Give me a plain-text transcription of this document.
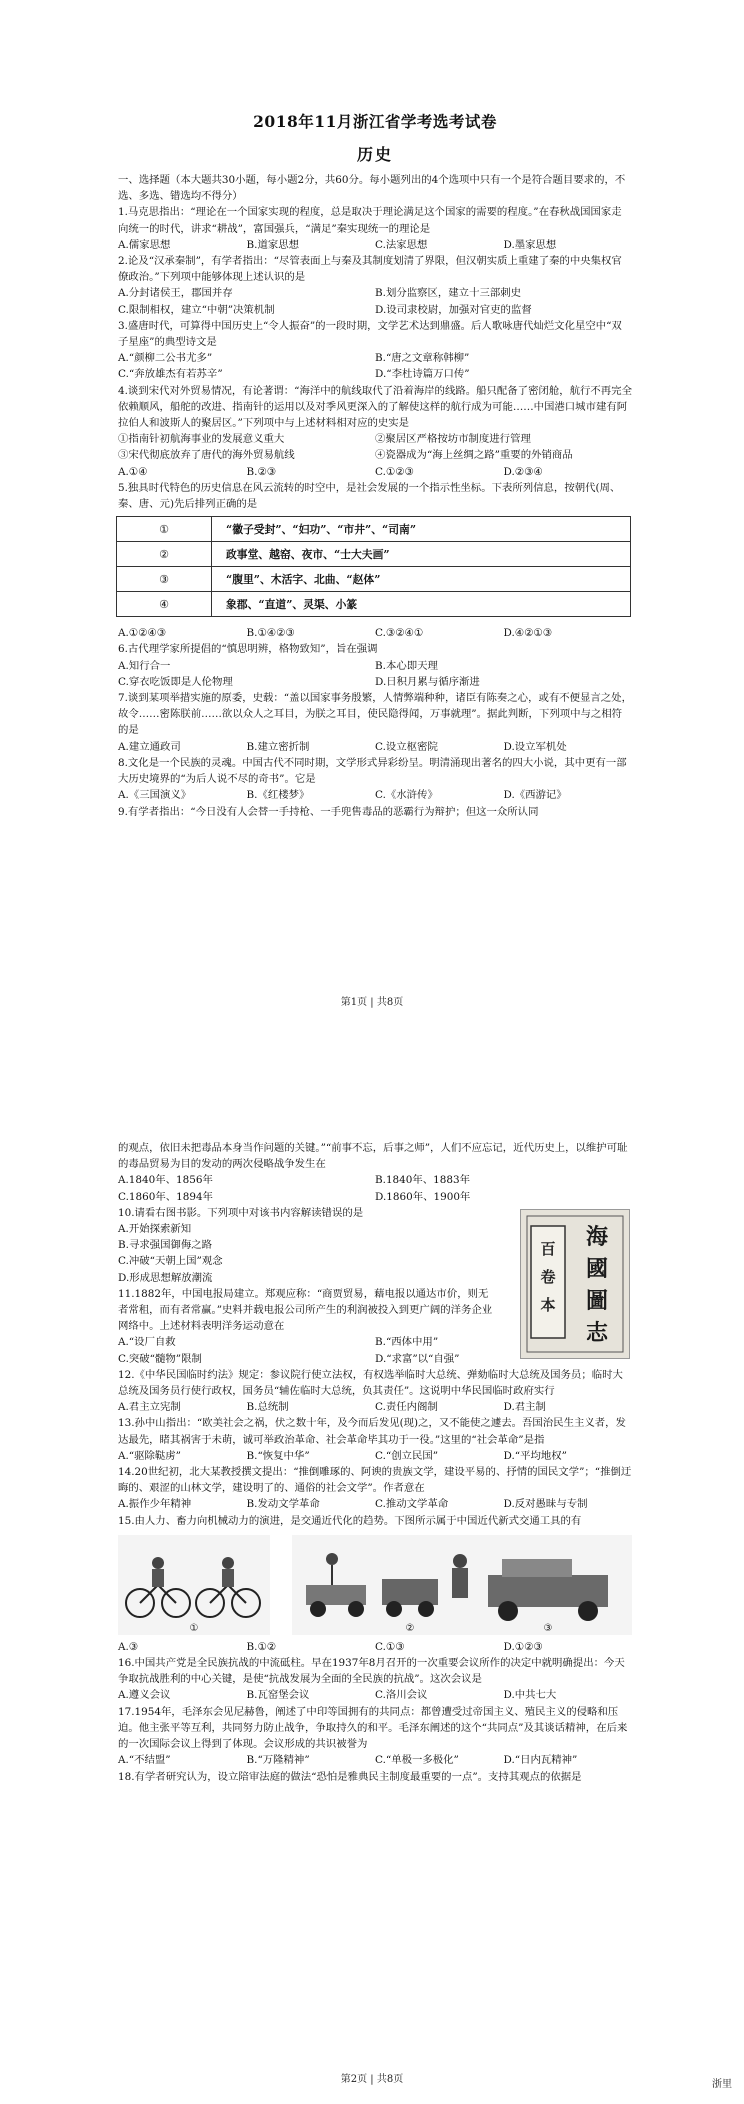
2018年11月浙江省学考选考试卷
历史

一、选择题（本大题共30小题，每小题2分，共60分。每小题列出的4个选项中只有一个是符合题目要求的，不选、多选、错选均不得分）

1.马克思指出：“理论在一个国家实现的程度，总是取决于理论满足这个国家的需要的程度。”在春秋战国国家走向统一的时代，讲求“耕战”，富国强兵，“满足”秦实现统一的理论是

A.儒家思想	B.道家思想	C.法家思想	D.墨家思想

2.论及“汉承秦制”，有学者指出：“尽管表面上与秦及其制度划清了界限，但汉朝实质上重建了秦的中央集权官僚政治。”下列项中能够体现上述认识的是

A.分封诸侯王，郡国并存	B.划分监察区，建立十三部刺史
C.限制相权，建立“中朝”决策机制	D.设司隶校尉，加强对官吏的监督

3.盛唐时代，可算得中国历史上“令人振奋”的一段时期，文学艺术达到鼎盛。后人歌咏唐代灿烂文化星空中“双子星座”的典型诗文是

A.“颜柳二公书尤多”	B.“唐之文章称韩柳”
C.“奔放雄杰有若苏辛”	D.“李杜诗篇万口传”

4.谈到宋代对外贸易情况，有论著谓：“海洋中的航线取代了沿着海岸的线路。船只配备了密闭舱，航行不再完全依赖顺风，船舵的改进、指南针的运用以及对季风更深入的了解使这样的航行成为可能……中国港口城市建有阿拉伯人和波斯人的聚居区。”下列项中与上述材料相对应的史实是

①指南针初航海事业的发展意义重大	②聚居区严格按坊市制度进行管理
③宋代彻底放弃了唐代的海外贸易航线	④瓷器成为“海上丝绸之路”重要的外销商品
A.①④	B.②③	C.①②③	D.②③④

5.独具时代特色的历史信息在风云流转的时空中，是社会发展的一个指示性坐标。下表所列信息，按朝代(周、秦、唐、元)先后排列正确的是

①	“徽子受封”、“妇功”、“市井”、“司南”
②	政事堂、越窑、夜市、“士大夫画”
③	“腹里”、木活字、北曲、“赵体”
④	象郡、“直道”、灵渠、小篆
A.①②④③	B.①④②③	C.③②④①	D.④②①③

6.古代理学家所提倡的“慎思明辨，格物致知”，旨在强调

A.知行合一	B.本心即天理
C.穿衣吃饭即是人伦物理	D.日积月累与循序渐进

7.谈到某项举措实施的原委，史载：“盖以国家事务殷繁，人情弊端种种，诸臣有陈奏之心，或有不便显言之处，故令……密陈朕前……欲以众人之耳目，为朕之耳目，使民隐得闻，万事就理”。据此判断，下列项中与之相符的是

A.建立通政司	B.建立密折制	C.设立枢密院	D.设立军机处

8.文化是一个民族的灵魂。中国古代不同时期，文学形式异彩纷呈。明清涌现出著名的四大小说，其中更有一部大历史境界的“为后人说不尽的奇书”。它是

A.《三国演义》	B.《红楼梦》	C.《水浒传》	D.《西游记》

9.有学者指出：“今日没有人会替一手持枪、一手兜售毒品的恶霸行为辩护；但这一众所认同

第1页 | 共8页

的观点，依旧未把毒品本身当作问题的关键。”“前事不忘，后事之师”，人们不应忘记，近代历史上，以维护可耻的毒品贸易为目的发动的两次侵略战争发生在

A.1840年、1856年	B.1840年、1883年
C.1860年、1894年	D.1860年、1900年

10.请看右图书影。下列项中对该书内容解读错误的是

A.开始探索新知
B.寻求强国御侮之路
C.冲破“天朝上国”观念
D.形成思想解放潮流

11.1882年，中国电报局建立。郑观应称：“商贾贸易，藉电报以通达市价，则无者常租，而有者常赢。”史料并载电报公司所产生的利润被投入到更广阔的洋务企业网络中。上述材料表明洋务运动意在

百
卷
本
海
國
圖
志
A.“设厂自救	B.“西体中用”
C.突破“髓物”限制	D.“求富”以“自强”

12.《中华民国临时约法》规定：参议院行使立法权，有权选举临时大总统、弹劾临时大总统及国务员；临时大总统及国务员行使行政权，国务员“辅佐临时大总统，负其责任”。这说明中华民国临时政府实行

A.君主立宪制	B.总统制	C.责任内阁制	D.君主制

13.孙中山指出：“欧美社会之祸，伏之数十年，及今而后发见(现)之，又不能使之遽去。吾国治民生主义者，发达最先，睹其祸害于未萌，诚可举政治革命、社会革命毕其功于一役。”这里的“社会革命”是指

A.“驱除鞑虏”	B.“恢复中华”	C.“创立民国”	D.“平均地权”

14.20世纪初，北大某教授撰文提出：“推倒雕琢的、阿谀的贵族文学，建设平易的、抒情的国民文学”；“推倒迂晦的、艰涩的山林文学，建设明了的、通俗的社会文学”。作者意在

A.振作少年精神	B.发动文学革命	C.推动文学革命	D.反对愚昧与专制

15.由人力、畜力向机械动力的演进，是交通近代化的趋势。下图所示属于中国近代新式交通工具的有

①	②	③
A.③	B.①②	C.①③	D.①②③

16.中国共产党是全民族抗战的中流砥柱。早在1937年8月召开的一次重要会议所作的决定中就明确提出：今天争取抗战胜利的中心关键，是使“抗战发展为全面的全民族的抗战”。这次会议是

A.遵义会议	B.瓦窑堡会议	C.洛川会议	D.中共七大

17.1954年，毛泽东会见尼赫鲁，阐述了中印等国拥有的共同点：都曾遭受过帝国主义、殖民主义的侵略和压迫。他主张平等互利，共同努力防止战争，争取持久的和平。毛泽东阐述的这个“共同点”及其谈话精神，在后来的一次国际会议上得到了体现。会议形成的共识被誉为

A.“不结盟”	B.“万隆精神”	C.“单极一多极化”	D.“日内瓦精神”

18.有学者研究认为，设立陪审法庭的做法“恐怕是雅典民主制度最重要的一点”。支持其观点的依据是

第2页 | 共8页	浙里
